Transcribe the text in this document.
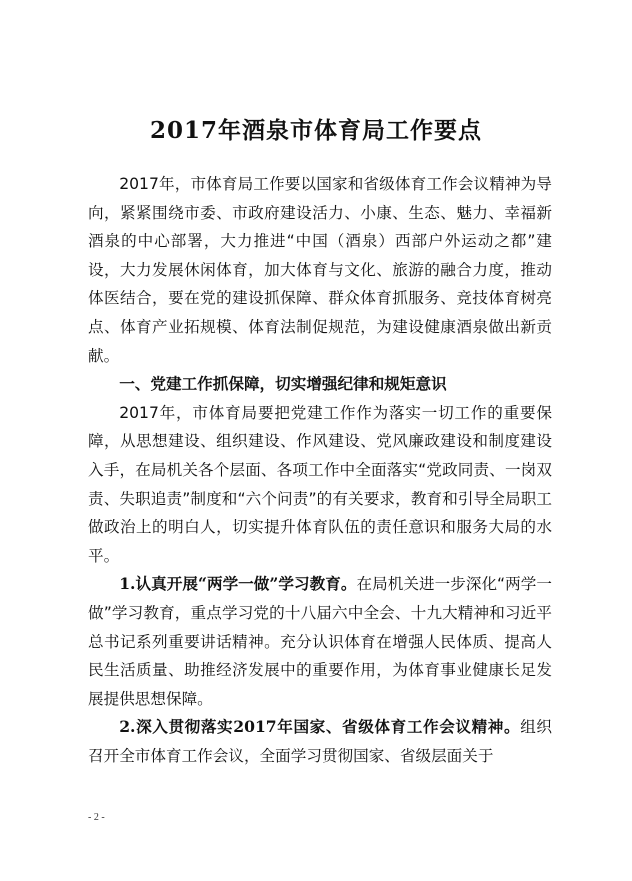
2017年酒泉市体育局工作要点

2017年，市体育局工作要以国家和省级体育工作会议精神为导向，紧紧围绕市委、市政府建设活力、小康、生态、魅力、幸福新酒泉的中心部署，大力推进“中国（酒泉）西部户外运动之都”建设，大力发展休闲体育，加大体育与文化、旅游的融合力度，推动体医结合，要在党的建设抓保障、群众体育抓服务、竞技体育树亮点、体育产业拓规模、体育法制促规范，为建设健康酒泉做出新贡献。

一、党建工作抓保障，切实增强纪律和规矩意识

2017年，市体育局要把党建工作作为落实一切工作的重要保障，从思想建设、组织建设、作风建设、党风廉政建设和制度建设入手，在局机关各个层面、各项工作中全面落实“党政同责、一岗双责、失职追责”制度和“六个问责”的有关要求，教育和引导全局职工做政治上的明白人，切实提升体育队伍的责任意识和服务大局的水平。

1.认真开展“两学一做”学习教育。在局机关进一步深化“两学一做”学习教育，重点学习党的十八届六中全会、十九大精神和习近平总书记系列重要讲话精神。充分认识体育在增强人民体质、提高人民生活质量、助推经济发展中的重要作用，为体育事业健康长足发展提供思想保障。

2.深入贯彻落实2017年国家、省级体育工作会议精神。组织召开全市体育工作会议，全面学习贯彻国家、省级层面关于

- 2 -
